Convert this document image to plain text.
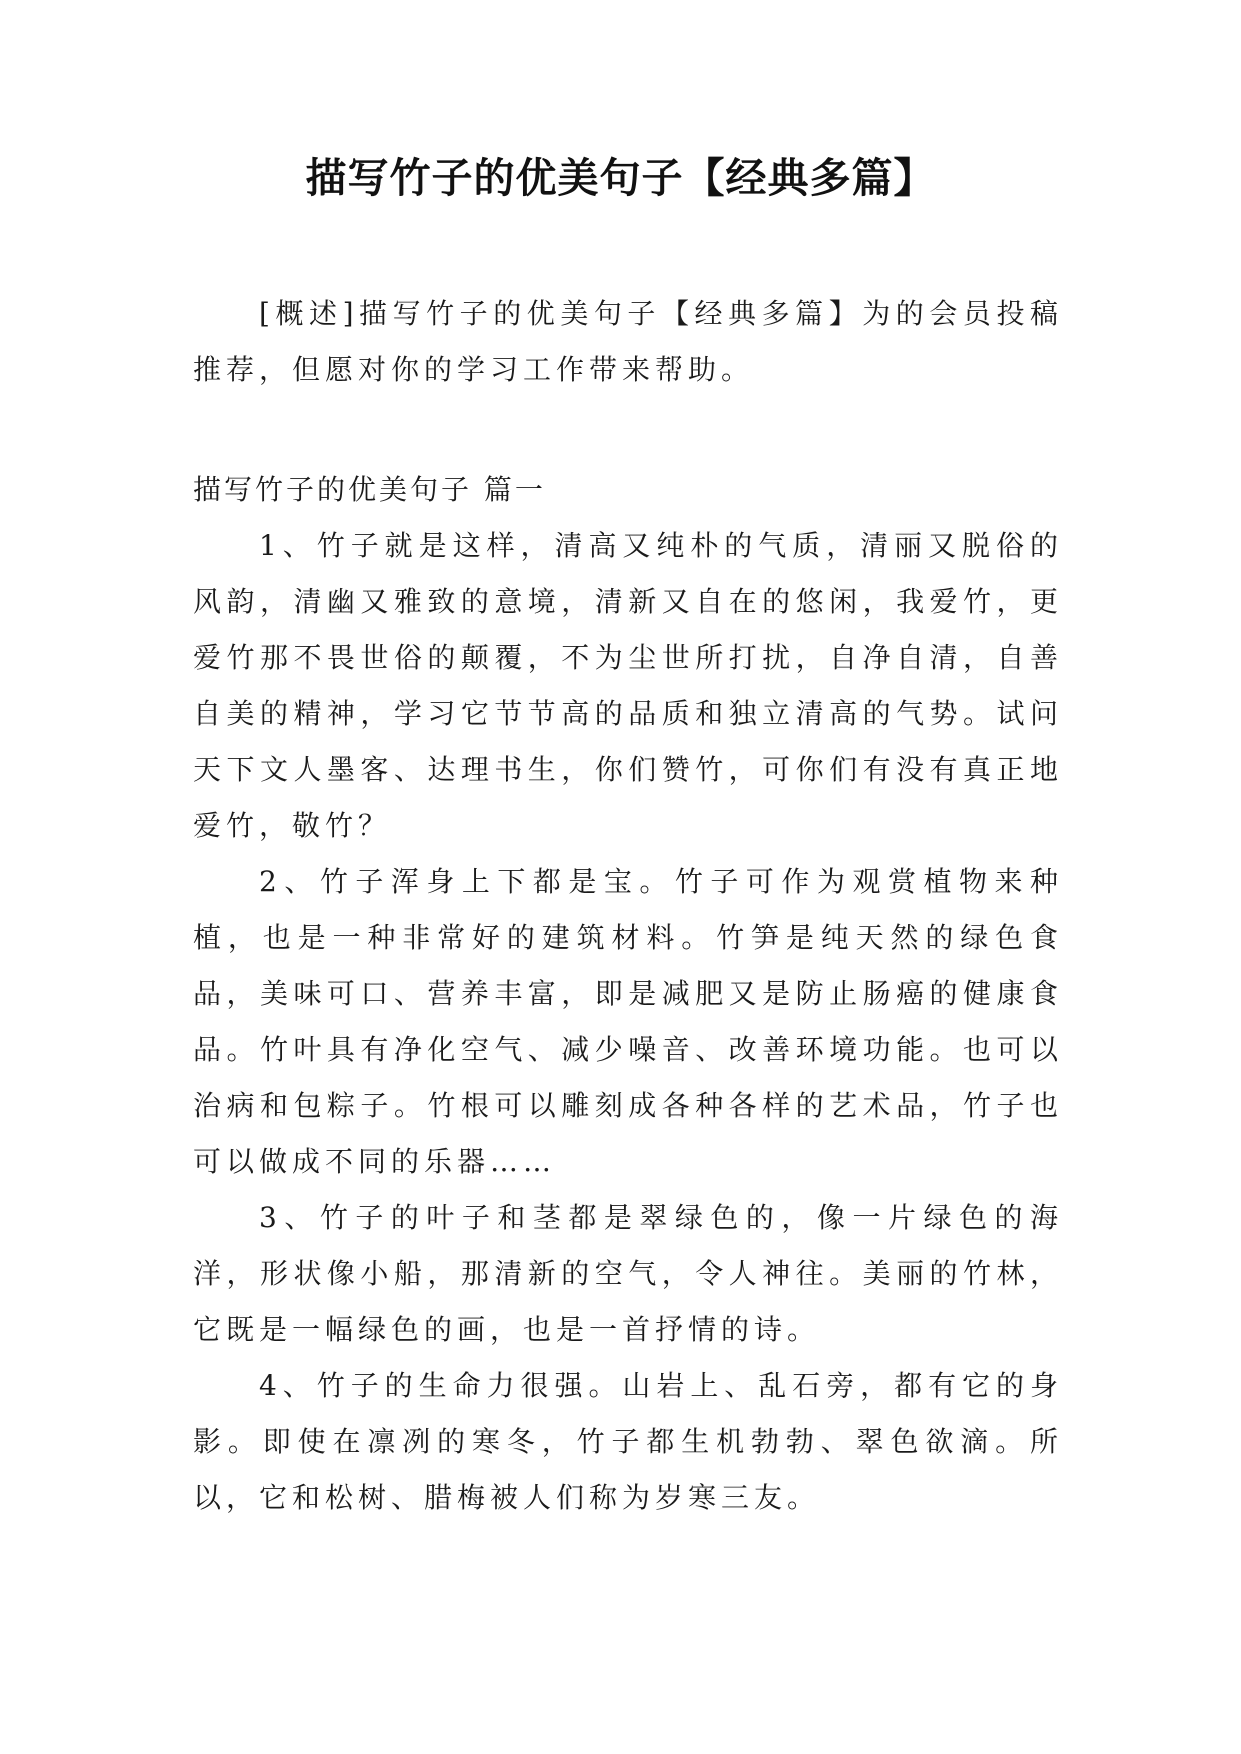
描写竹子的优美句子【经典多篇】

[概述]描写竹子的优美句子【经典多篇】为的会员投稿推荐，但愿对你的学习工作带来帮助。

描写竹子的优美句子 篇一

1、竹子就是这样，清高又纯朴的气质，清丽又脱俗的风韵，清幽又雅致的意境，清新又自在的悠闲，我爱竹，更爱竹那不畏世俗的颠覆，不为尘世所打扰，自净自清，自善自美的精神，学习它节节高的品质和独立清高的气势。试问天下文人墨客、达理书生，你们赞竹，可你们有没有真正地爱竹，敬竹？

2、竹子浑身上下都是宝。竹子可作为观赏植物来种植，也是一种非常好的建筑材料。竹笋是纯天然的绿色食品，美味可口、营养丰富，即是减肥又是防止肠癌的健康食品。竹叶具有净化空气、减少噪音、改善环境功能。也可以治病和包粽子。竹根可以雕刻成各种各样的艺术品，竹子也可以做成不同的乐器……

3、竹子的叶子和茎都是翠绿色的，像一片绿色的海洋，形状像小船，那清新的空气，令人神往。美丽的竹林，它既是一幅绿色的画，也是一首抒情的诗。

4、竹子的生命力很强。山岩上、乱石旁，都有它的身影。即使在凛冽的寒冬，竹子都生机勃勃、翠色欲滴。所以，它和松树、腊梅被人们称为岁寒三友。
